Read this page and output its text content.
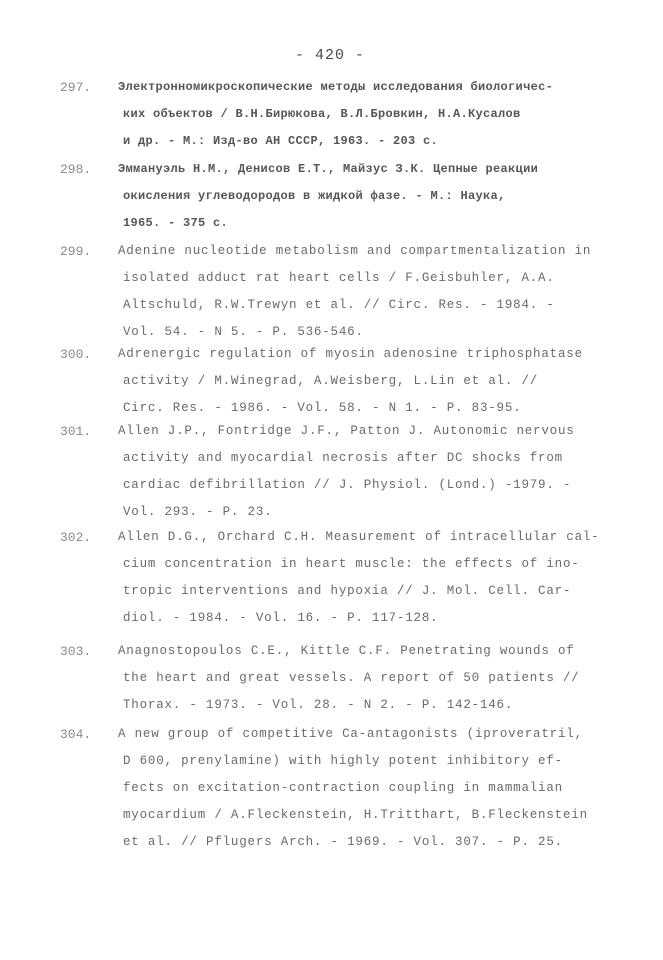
- 420 -
297. Электронномикроскопические методы исследования биологичес-
ких объектов / В.Н.Бирюкова, В.Л.Бровкин, Н.А.Кусалов
и др. - М.: Изд-во АН СССР, 1963. - 203 с.
298. Эммануэль Н.М., Денисов Е.Т., Майзус З.К. Цепные реакции
окисления углеводородов в жидкой фазе. - М.: Наука,
1965. - 375 с.
299. Adenine nucleotide metabolism and compartmentalization in
isolated adduct rat heart cells / F.Geisbuhler, A.A.
Altschuld, R.W.Trewyn et al. // Circ. Res. - 1984. -
Vol. 54. - N 5. - P. 536-546.
300. Adrenergic regulation of myosin adenosine triphosphatase
activity / M.Winegrad, A.Weisberg, L.Lin et al. //
Circ. Res. - 1986. - Vol. 58. - N 1. - P. 83-95.
301. Allen J.P., Fontridge J.F., Patton J. Autonomic nervous
activity and myocardial necrosis after DC shocks from
cardiac defibrillation // J. Physiol. (Lond.) -1979. -
Vol. 293. - P. 23.
302. Allen D.G., Orchard C.H. Measurement of intracellular cal-
cium concentration in heart muscle: the effects of ino-
tropic interventions and hypoxia // J. Mol. Cell. Car-
diol. - 1984. - Vol. 16. - P. 117-128.
303. Anagnostopoulos C.E., Kittle C.F. Penetrating wounds of
the heart and great vessels. A report of 50 patients //
Thorax. - 1973. - Vol. 28. - N 2. - P. 142-146.
304. A new group of competitive Ca-antagonists (iproveratril,
D 600, prenylamine) with highly potent inhibitory ef-
fects on excitation-contraction coupling in mammalian
myocardium / A.Fleckenstein, H.Tritthart, B.Fleckenstein
et al. // Pflugers Arch. - 1969. - Vol. 307. - P. 25.
